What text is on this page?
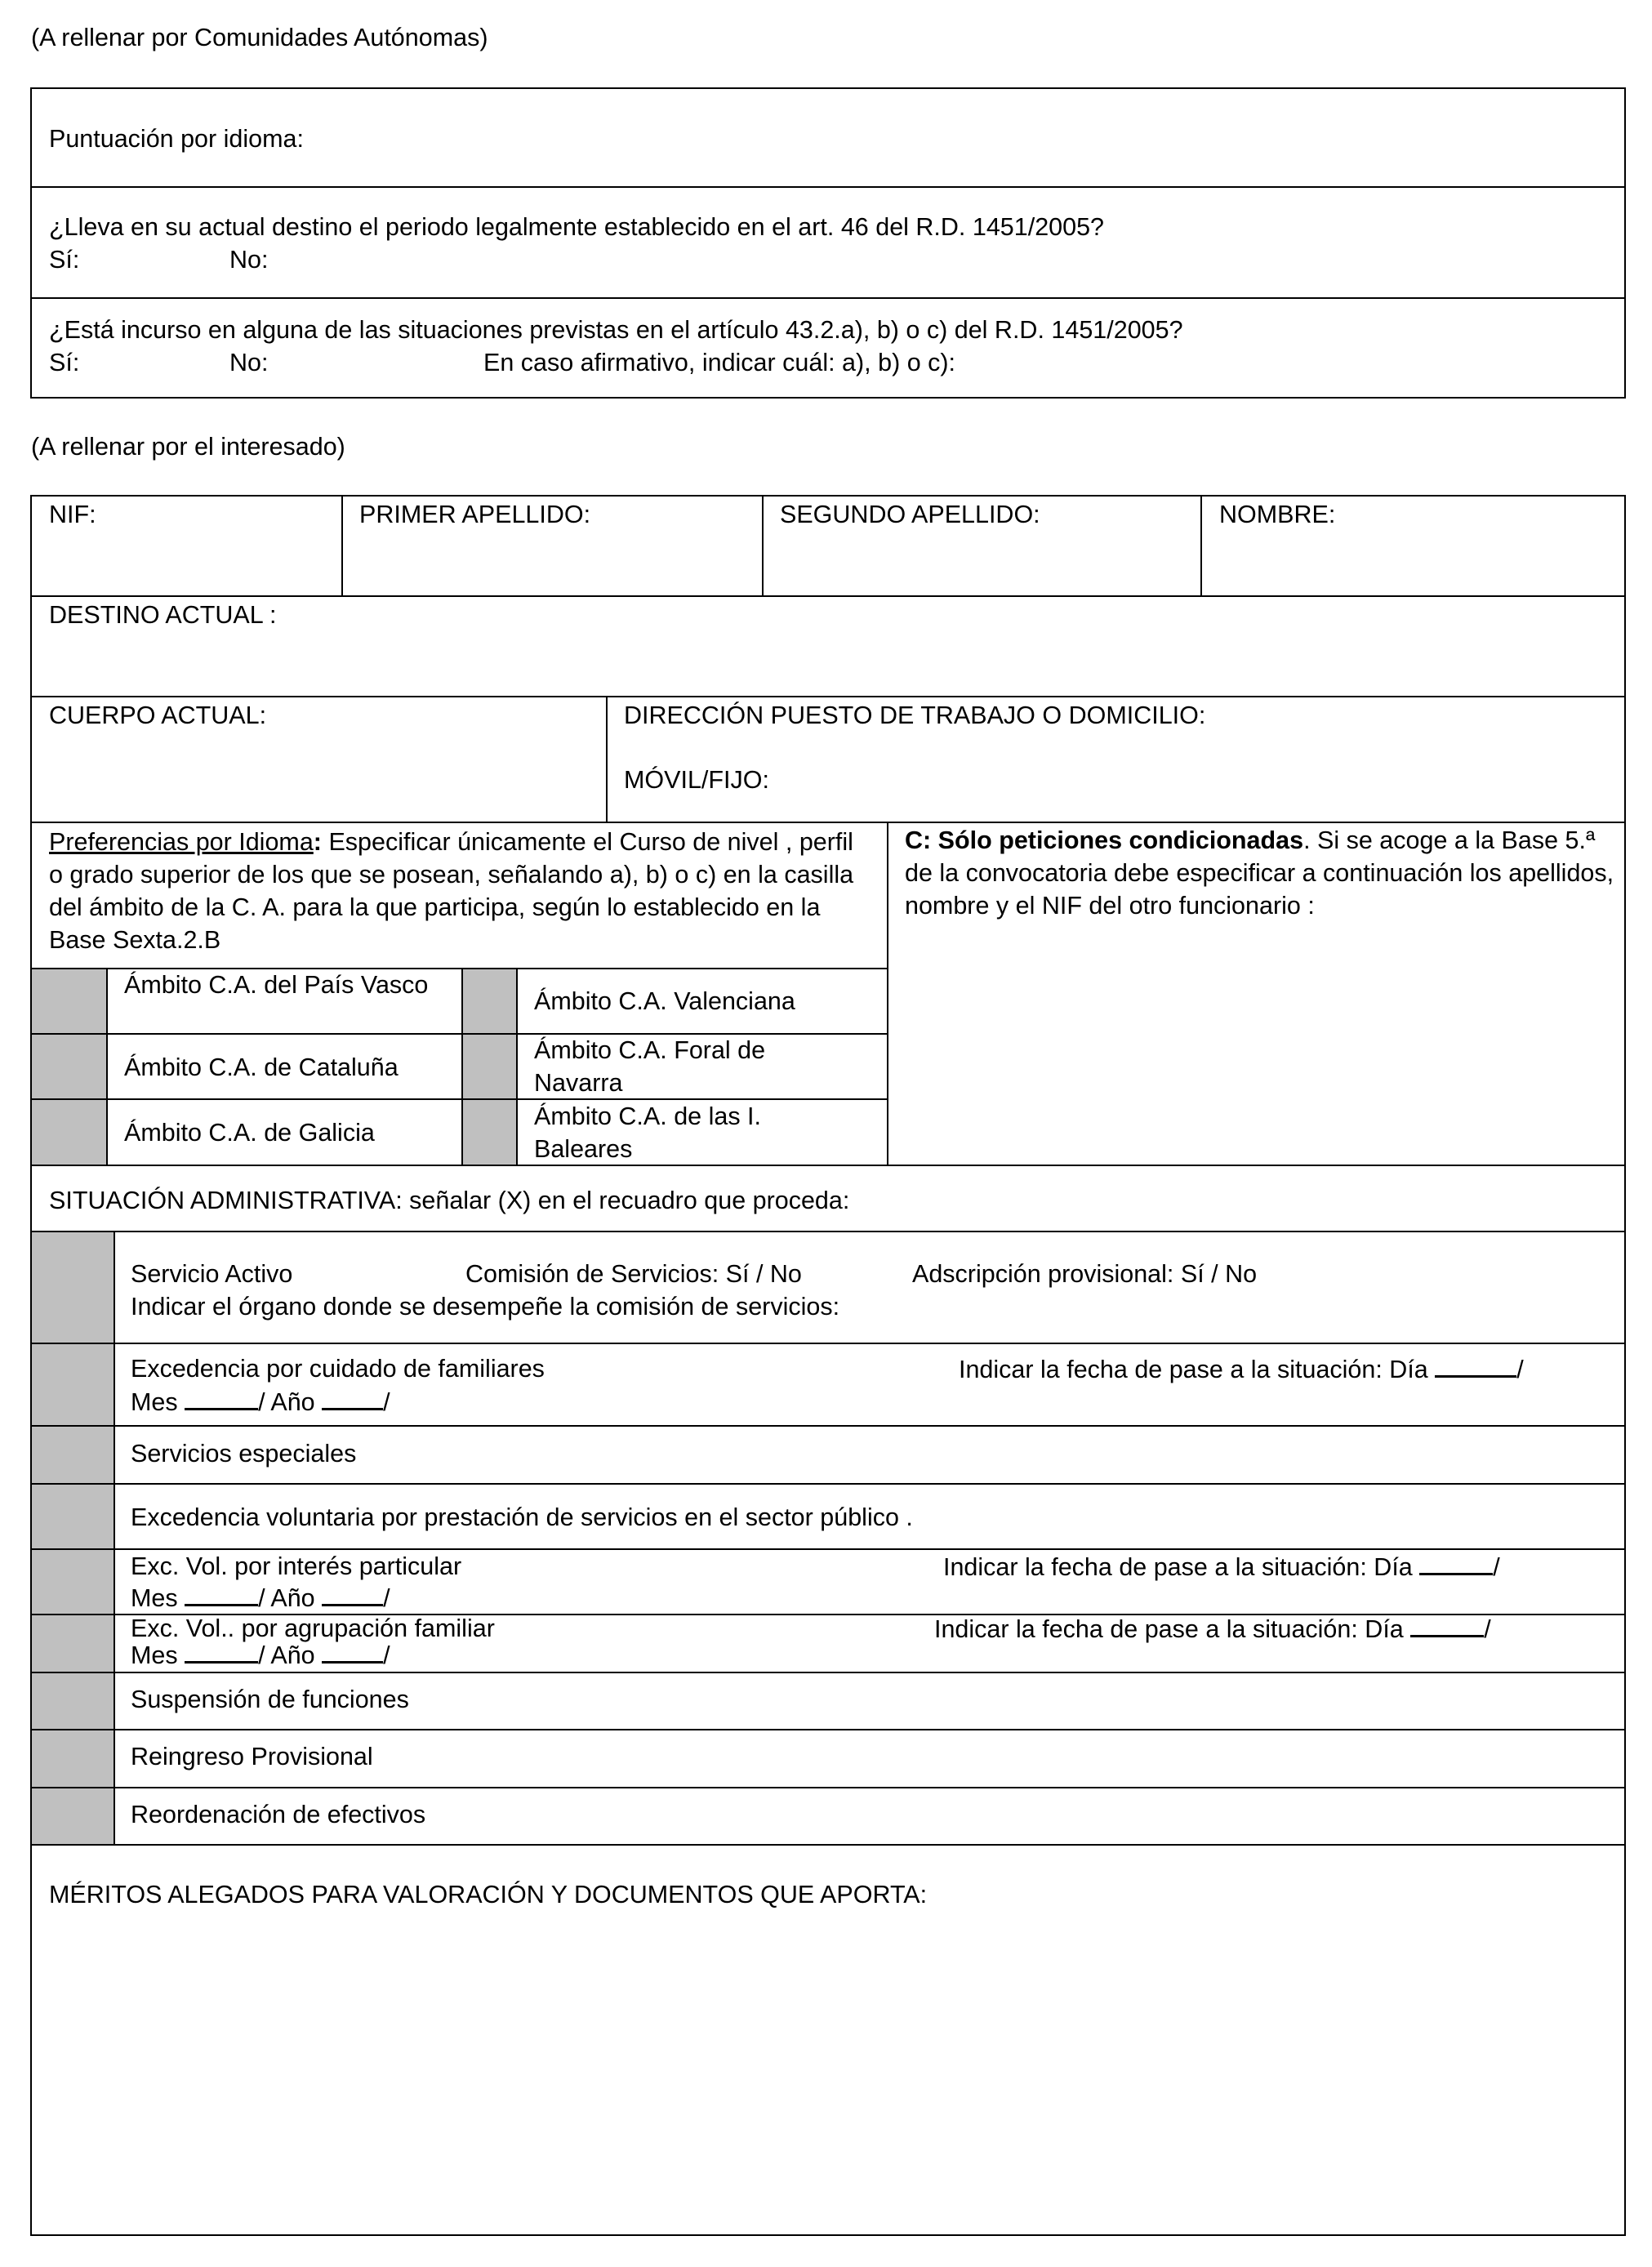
(A rellenar por Comunidades Autónomas)
Puntuación por idioma:
¿Lleva en su actual destino el periodo legalmente establecido en el art. 46 del R.D. 1451/2005?
Sí:	No:
¿Está incurso en alguna de las situaciones previstas en el artículo 43.2.a), b) o c) del R.D. 1451/2005?
Sí:	No:	En caso afirmativo, indicar cuál: a), b) o c):
(A rellenar por el interesado)
NIF:	PRIMER APELLIDO:	SEGUNDO APELLIDO:	NOMBRE:
DESTINO ACTUAL :
CUERPO ACTUAL:	DIRECCIÓN PUESTO DE TRABAJO O DOMICILIO:
MÓVIL/FIJO:
Preferencias por Idioma: Especificar únicamente el Curso de nivel , perfil o grado superior de los que se posean, señalando a), b) o c) en la casilla del ámbito de la C. A. para la que participa, según lo establecido en la Base Sexta.2.B
C: Sólo peticiones condicionadas. Si se acoge a la Base 5.ª de la convocatoria debe especificar a continuación los apellidos, nombre y el NIF del otro funcionario :
Ámbito C.A. del País Vasco
Ámbito C.A. Valenciana
Ámbito C.A. de Cataluña
Ámbito C.A. Foral de Navarra
Ámbito C.A. de Galicia
Ámbito C.A. de las I. Baleares
SITUACIÓN ADMINISTRATIVA: señalar (X) en el recuadro que proceda:
Servicio Activo	Comisión de Servicios: Sí / No	Adscripción provisional: Sí / No
Indicar el órgano donde se desempeñe la comisión de servicios:
Excedencia por cuidado de familiares	Indicar la fecha de pase a la situación: Día	/
Mes	/ Año	/
Servicios especiales
Excedencia voluntaria por prestación de servicios en el sector público .
Exc. Vol. por interés particular	Indicar la fecha de pase a la situación: Día	/
Mes	/ Año	/
Exc. Vol.. por agrupación familiar	Indicar la fecha de pase a la situación: Día	/
Mes	/ Año	/
Suspensión de funciones
Reingreso Provisional
Reordenación de efectivos
MÉRITOS ALEGADOS PARA VALORACIÓN Y DOCUMENTOS QUE APORTA:
